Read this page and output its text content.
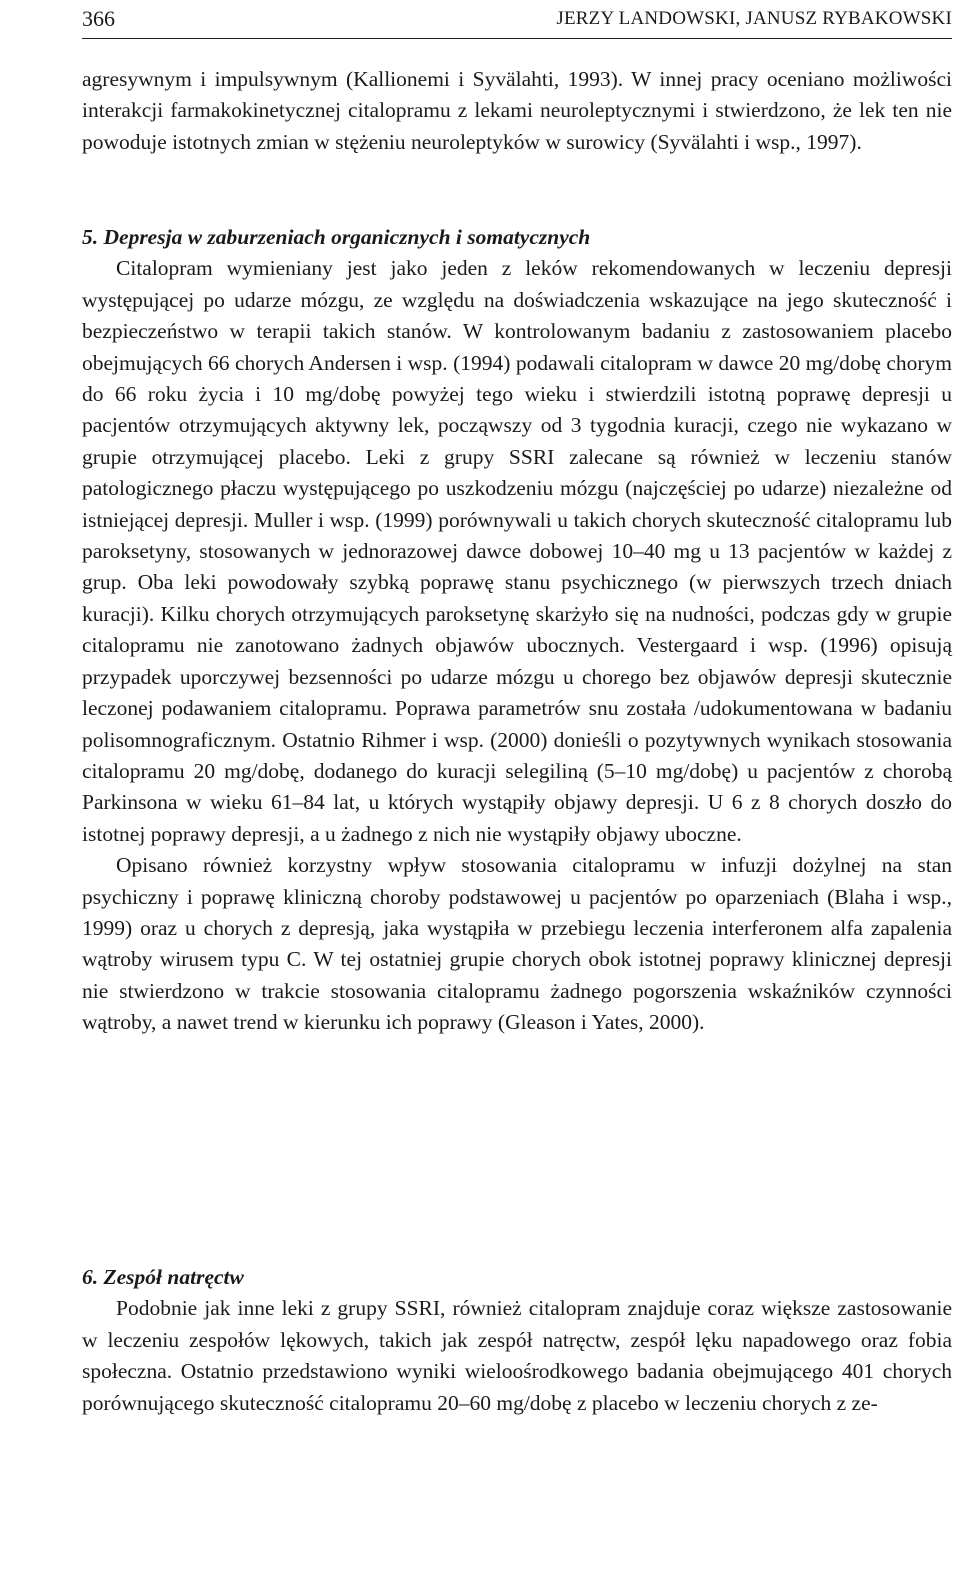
366	JERZY LANDOWSKI, JANUSZ RYBAKOWSKI

agresywnym i impulsywnym (Kallionemi i Syvälahti, 1993). W innej pracy oceniano możliwości interakcji farmakokinetycznej citalopramu z lekami neuroleptycznymi i stwierdzono, że lek ten nie powoduje istotnych zmian w stężeniu neuroleptyków w surowicy (Syvälahti i wsp., 1997).

5. Depresja w zaburzeniach organicznych i somatycznych

Citalopram wymieniany jest jako jeden z leków rekomendowanych w leczeniu depresji występującej po udarze mózgu, ze względu na doświadczenia wskazujące na jego skuteczność i bezpieczeństwo w terapii takich stanów. W kontrolowanym badaniu z zastosowaniem placebo obejmujących 66 chorych Andersen i wsp. (1994) podawali citalopram w dawce 20 mg/dobę chorym do 66 roku życia i 10 mg/dobę powyżej tego wieku i stwierdzili istotną poprawę depresji u pacjentów otrzymujących aktywny lek, począwszy od 3 tygodnia kuracji, czego nie wykazano w grupie otrzymującej placebo. Leki z grupy SSRI zalecane są również w leczeniu stanów patologicznego płaczu występującego po uszkodzeniu mózgu (najczęściej po udarze) niezależne od istniejącej depresji. Muller i wsp. (1999) porównywali u takich chorych skuteczność citalopramu lub paroksetyny, stosowanych w jednorazowej dawce dobowej 10–40 mg u 13 pacjentów w każdej z grup. Oba leki powodowały szybką poprawę stanu psychicznego (w pierwszych trzech dniach kuracji). Kilku chorych otrzymujących paroksetynę skarżyło się na nudności, podczas gdy w grupie citalopramu nie zanotowano żadnych objawów ubocznych. Vestergaard i wsp. (1996) opisują przypadek uporczywej bezsenności po udarze mózgu u chorego bez objawów depresji skutecznie leczonej podawaniem citalopramu. Poprawa parametrów snu została /udokumentowana w badaniu polisomnograficznym. Ostatnio Rihmer i wsp. (2000) donieśli o pozytywnych wynikach stosowania citalopramu 20 mg/dobę, dodanego do kuracji selegiliną (5–10 mg/dobę) u pacjentów z chorobą Parkinsona w wieku 61–84 lat, u których wystąpiły objawy depresji. U 6 z 8 chorych doszło do istotnej poprawy depresji, a u żadnego z nich nie wystąpiły objawy uboczne.

Opisano również korzystny wpływ stosowania citalopramu w infuzji dożylnej na stan psychiczny i poprawę kliniczną choroby podstawowej u pacjentów po oparzeniach (Blaha i wsp., 1999) oraz u chorych z depresją, jaka wystąpiła w przebiegu leczenia interferonem alfa zapalenia wątroby wirusem typu C. W tej ostatniej grupie chorych obok istotnej poprawy klinicznej depresji nie stwierdzono w trakcie stosowania citalopramu żadnego pogorszenia wskaźników czynności wątroby, a nawet trend w kierunku ich poprawy (Gleason i Yates, 2000).

6. Zespół natręctw

Podobnie jak inne leki z grupy SSRI, również citalopram znajduje coraz większe zastosowanie w leczeniu zespołów lękowych, takich jak zespół natręctw, zespół lęku napadowego oraz fobia społeczna. Ostatnio przedstawiono wyniki wieloośrodkowego badania obejmującego 401 chorych porównującego skuteczność citalopramu 20–60 mg/dobę z placebo w leczeniu chorych z ze-
